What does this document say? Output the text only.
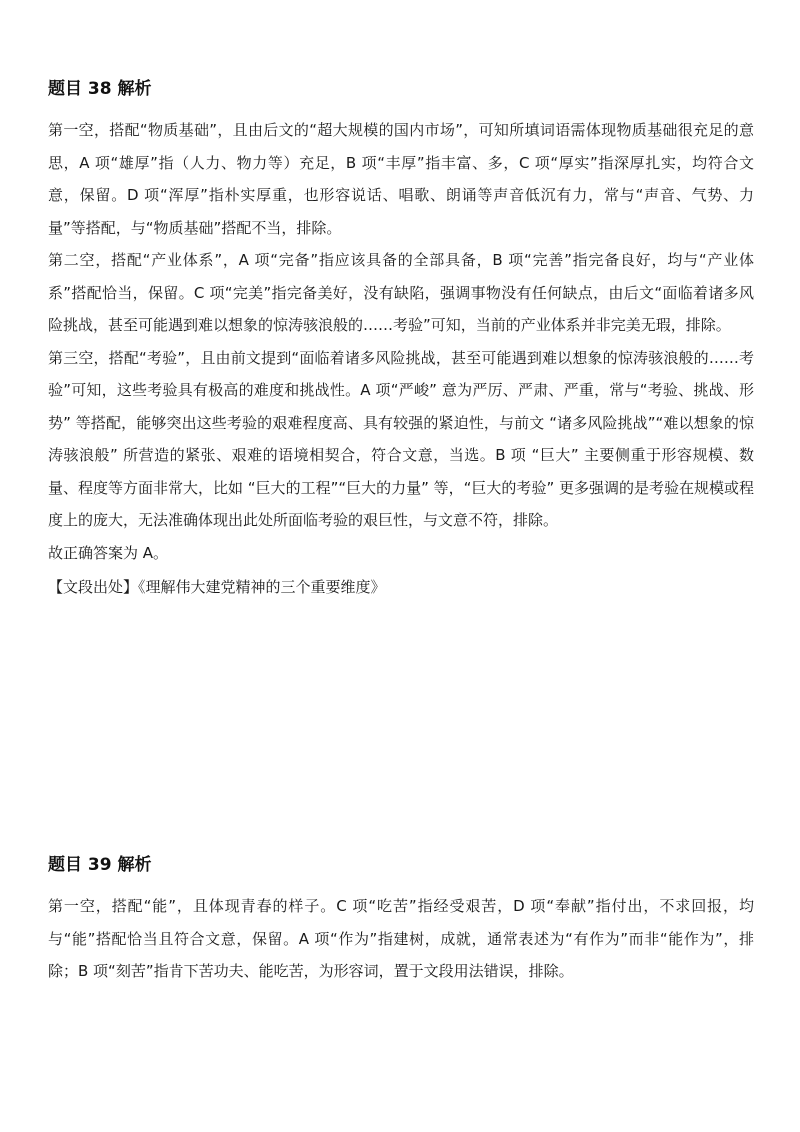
题目 38 解析

第一空，搭配“物质基础”，且由后文的“超大规模的国内市场”，可知所填词语需体现物质基础很充足的意思，A 项“雄厚”指（人力、物力等）充足，B 项“丰厚”指丰富、多，C 项“厚实”指深厚扎实，均符合文意，保留。D 项“浑厚”指朴实厚重，也形容说话、唱歌、朗诵等声音低沉有力，常与“声音、气势、力量”等搭配，与“物质基础”搭配不当，排除。

第二空，搭配“产业体系”，A 项“完备”指应该具备的全部具备，B 项“完善”指完备良好，均与“产业体系”搭配恰当，保留。C 项“完美”指完备美好，没有缺陷，强调事物没有任何缺点，由后文“面临着诸多风险挑战，甚至可能遇到难以想象的惊涛骇浪般的……考验”可知，当前的产业体系并非完美无瑕，排除。

第三空，搭配“考验”，且由前文提到“面临着诸多风险挑战，甚至可能遇到难以想象的惊涛骇浪般的……考验”可知，这些考验具有极高的难度和挑战性。A 项“严峻” 意为严厉、严肃、严重，常与“考验、挑战、形势” 等搭配，能够突出这些考验的艰难程度高、具有较强的紧迫性，与前文 “诸多风险挑战”“难以想象的惊涛骇浪般” 所营造的紧张、艰难的语境相契合，符合文意，当选。B 项 “巨大” 主要侧重于形容规模、数量、程度等方面非常大，比如 “巨大的工程”“巨大的力量” 等，“巨大的考验” 更多强调的是考验在规模或程度上的庞大，无法准确体现出此处所面临考验的艰巨性，与文意不符，排除。

故正确答案为 A。

【文段出处】《理解伟大建党精神的三个重要维度》

题目 39 解析

第一空，搭配“能”，且体现青春的样子。C 项“吃苦”指经受艰苦，D 项“奉献”指付出，不求回报，均与“能”搭配恰当且符合文意，保留。A 项“作为”指建树，成就，通常表述为“有作为”而非“能作为”，排除；B 项“刻苦”指肯下苦功夫、能吃苦，为形容词，置于文段用法错误，排除。
